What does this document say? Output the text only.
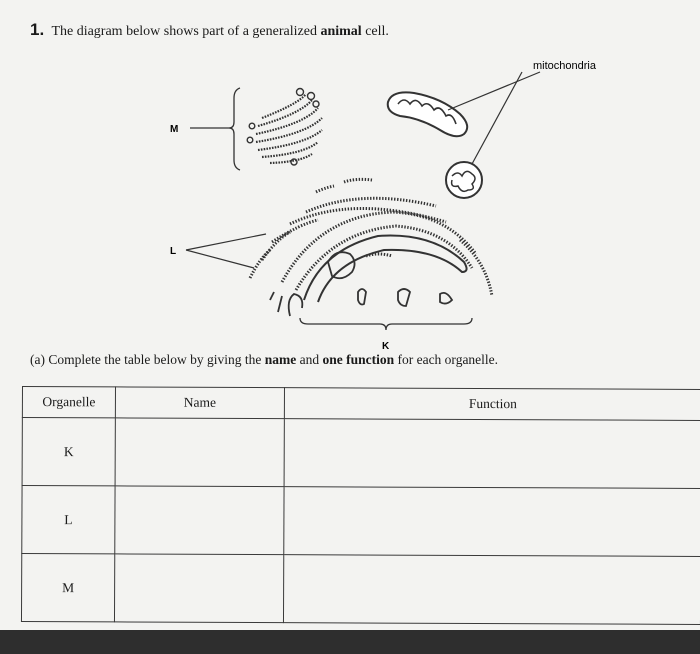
1. The diagram below shows part of a generalized animal cell.
mitochondria
L
M
K
(a) Complete the table below by giving the name and one function for each organelle.
Organelle	Name	Function
K		
L		
M		
